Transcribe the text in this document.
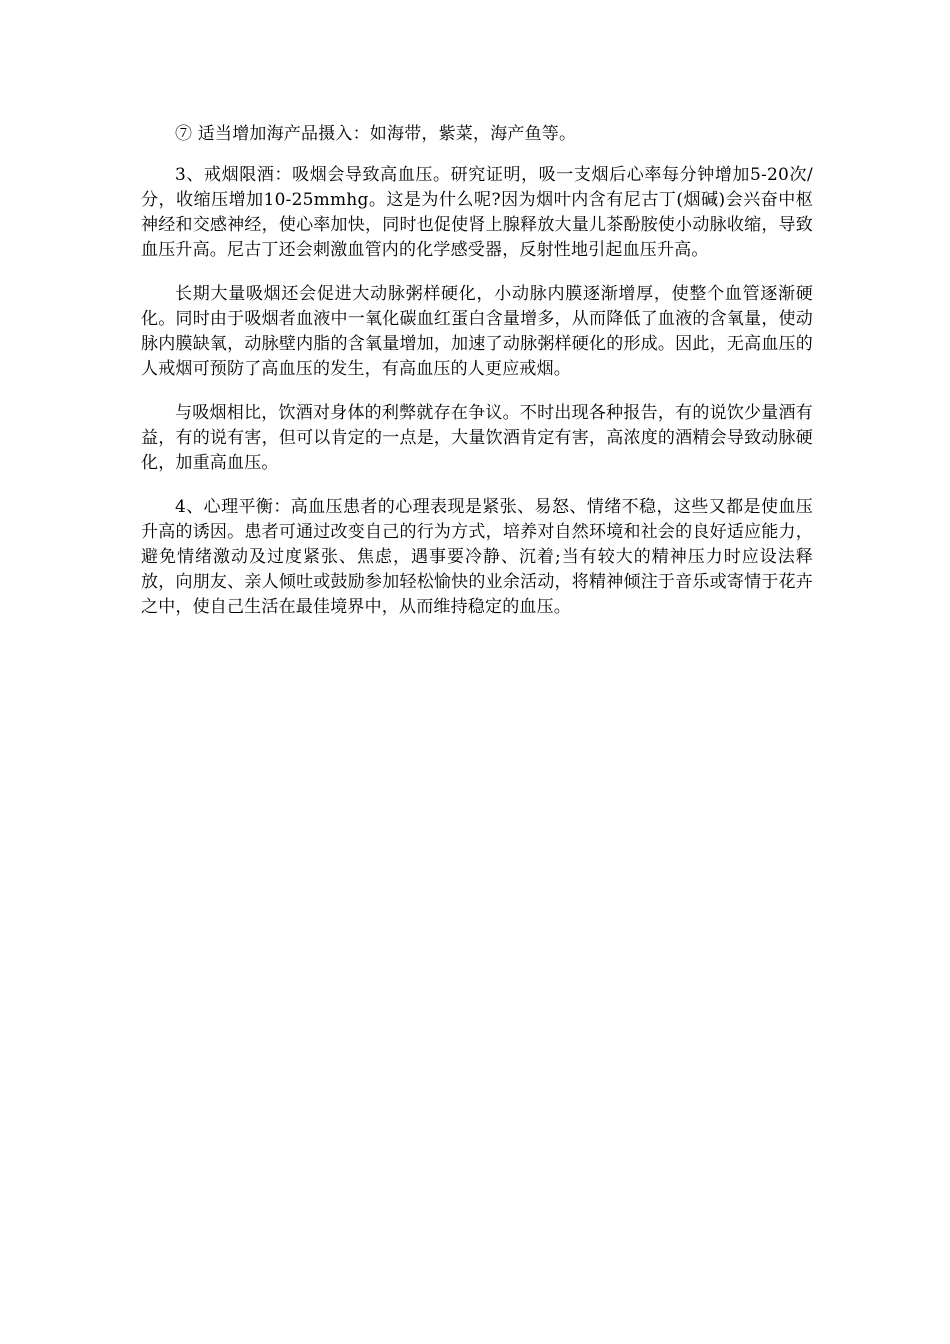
⑦ 适当增加海产品摄入：如海带，紫菜，海产鱼等。

3、戒烟限酒：吸烟会导致高血压。研究证明，吸一支烟后心率每分钟增加5-20次/分，收缩压增加10-25mmhg。这是为什么呢?因为烟叶内含有尼古丁(烟碱)会兴奋中枢神经和交感神经，使心率加快，同时也促使肾上腺释放大量儿茶酚胺使小动脉收缩，导致血压升高。尼古丁还会刺激血管内的化学感受器，反射性地引起血压升高。

长期大量吸烟还会促进大动脉粥样硬化，小动脉内膜逐渐增厚，使整个血管逐渐硬化。同时由于吸烟者血液中一氧化碳血红蛋白含量增多，从而降低了血液的含氧量，使动脉内膜缺氧，动脉壁内脂的含氧量增加，加速了动脉粥样硬化的形成。因此，无高血压的人戒烟可预防了高血压的发生，有高血压的人更应戒烟。

与吸烟相比，饮酒对身体的利弊就存在争议。不时出现各种报告，有的说饮少量酒有益，有的说有害，但可以肯定的一点是，大量饮酒肯定有害，高浓度的酒精会导致动脉硬化，加重高血压。

4、心理平衡：高血压患者的心理表现是紧张、易怒、情绪不稳，这些又都是使血压升高的诱因。患者可通过改变自己的行为方式，培养对自然环境和社会的良好适应能力，避免情绪激动及过度紧张、焦虑，遇事要冷静、沉着;当有较大的精神压力时应设法释放，向朋友、亲人倾吐或鼓励参加轻松愉快的业余活动，将精神倾注于音乐或寄情于花卉之中，使自己生活在最佳境界中，从而维持稳定的血压。
